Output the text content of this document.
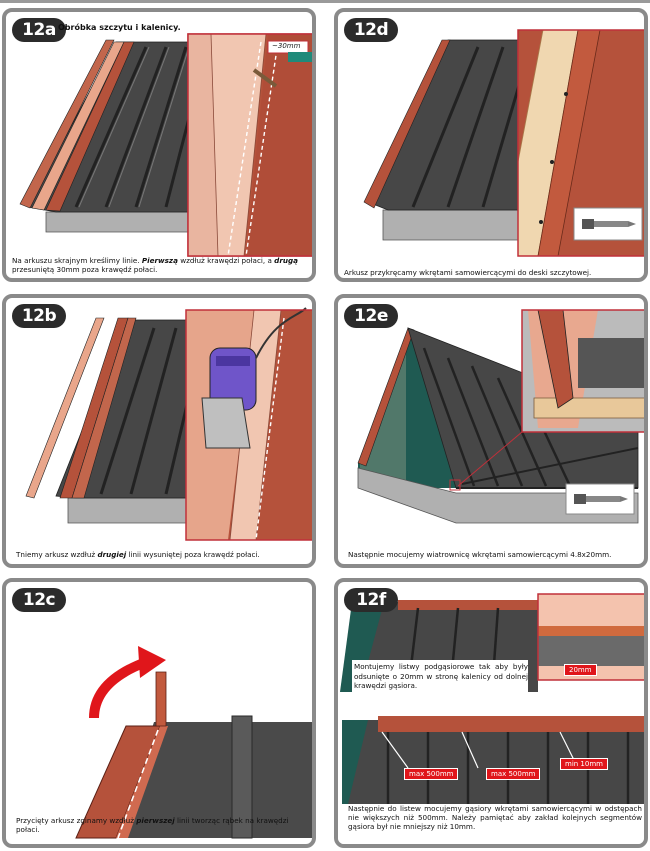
12a Obróbka szczytu i kalenicy.
~30mm
Na arkuszu skrajnym kreślimy linie. Pierwszą wzdłuż krawędzi połaci, a drugą przesuniętą 30mm poza krawędź połaci.
12d
Arkusz przykręcamy wkrętami samowiercącymi do deski szczytowej.
12b
Tniemy arkusz wzdłuż drugiej linii wysuniętej poza krawędź połaci.
12e
Następnie mocujemy wiatrownicę wkrętami samowiercącymi 4.8x20mm.
12c
Przycięty arkusz zginamy wzdłuż pierwszej linii tworząc rąbek na krawędzi połaci.
12f
Montujemy listwy podgąsiorowe tak aby były odsunięte o 20mm w stronę kalenicy od dolnej krawędzi gąsiora.
20mm
max 500mm	max 500mm
min 10mm
Następnie do listew mocujemy gąsiory wkrętami samowiercącymi w odstępach nie większych niż 500mm. Należy pamiętać aby zakład kolejnych segmentów gąsiora był nie mniejszy niż 10mm.
